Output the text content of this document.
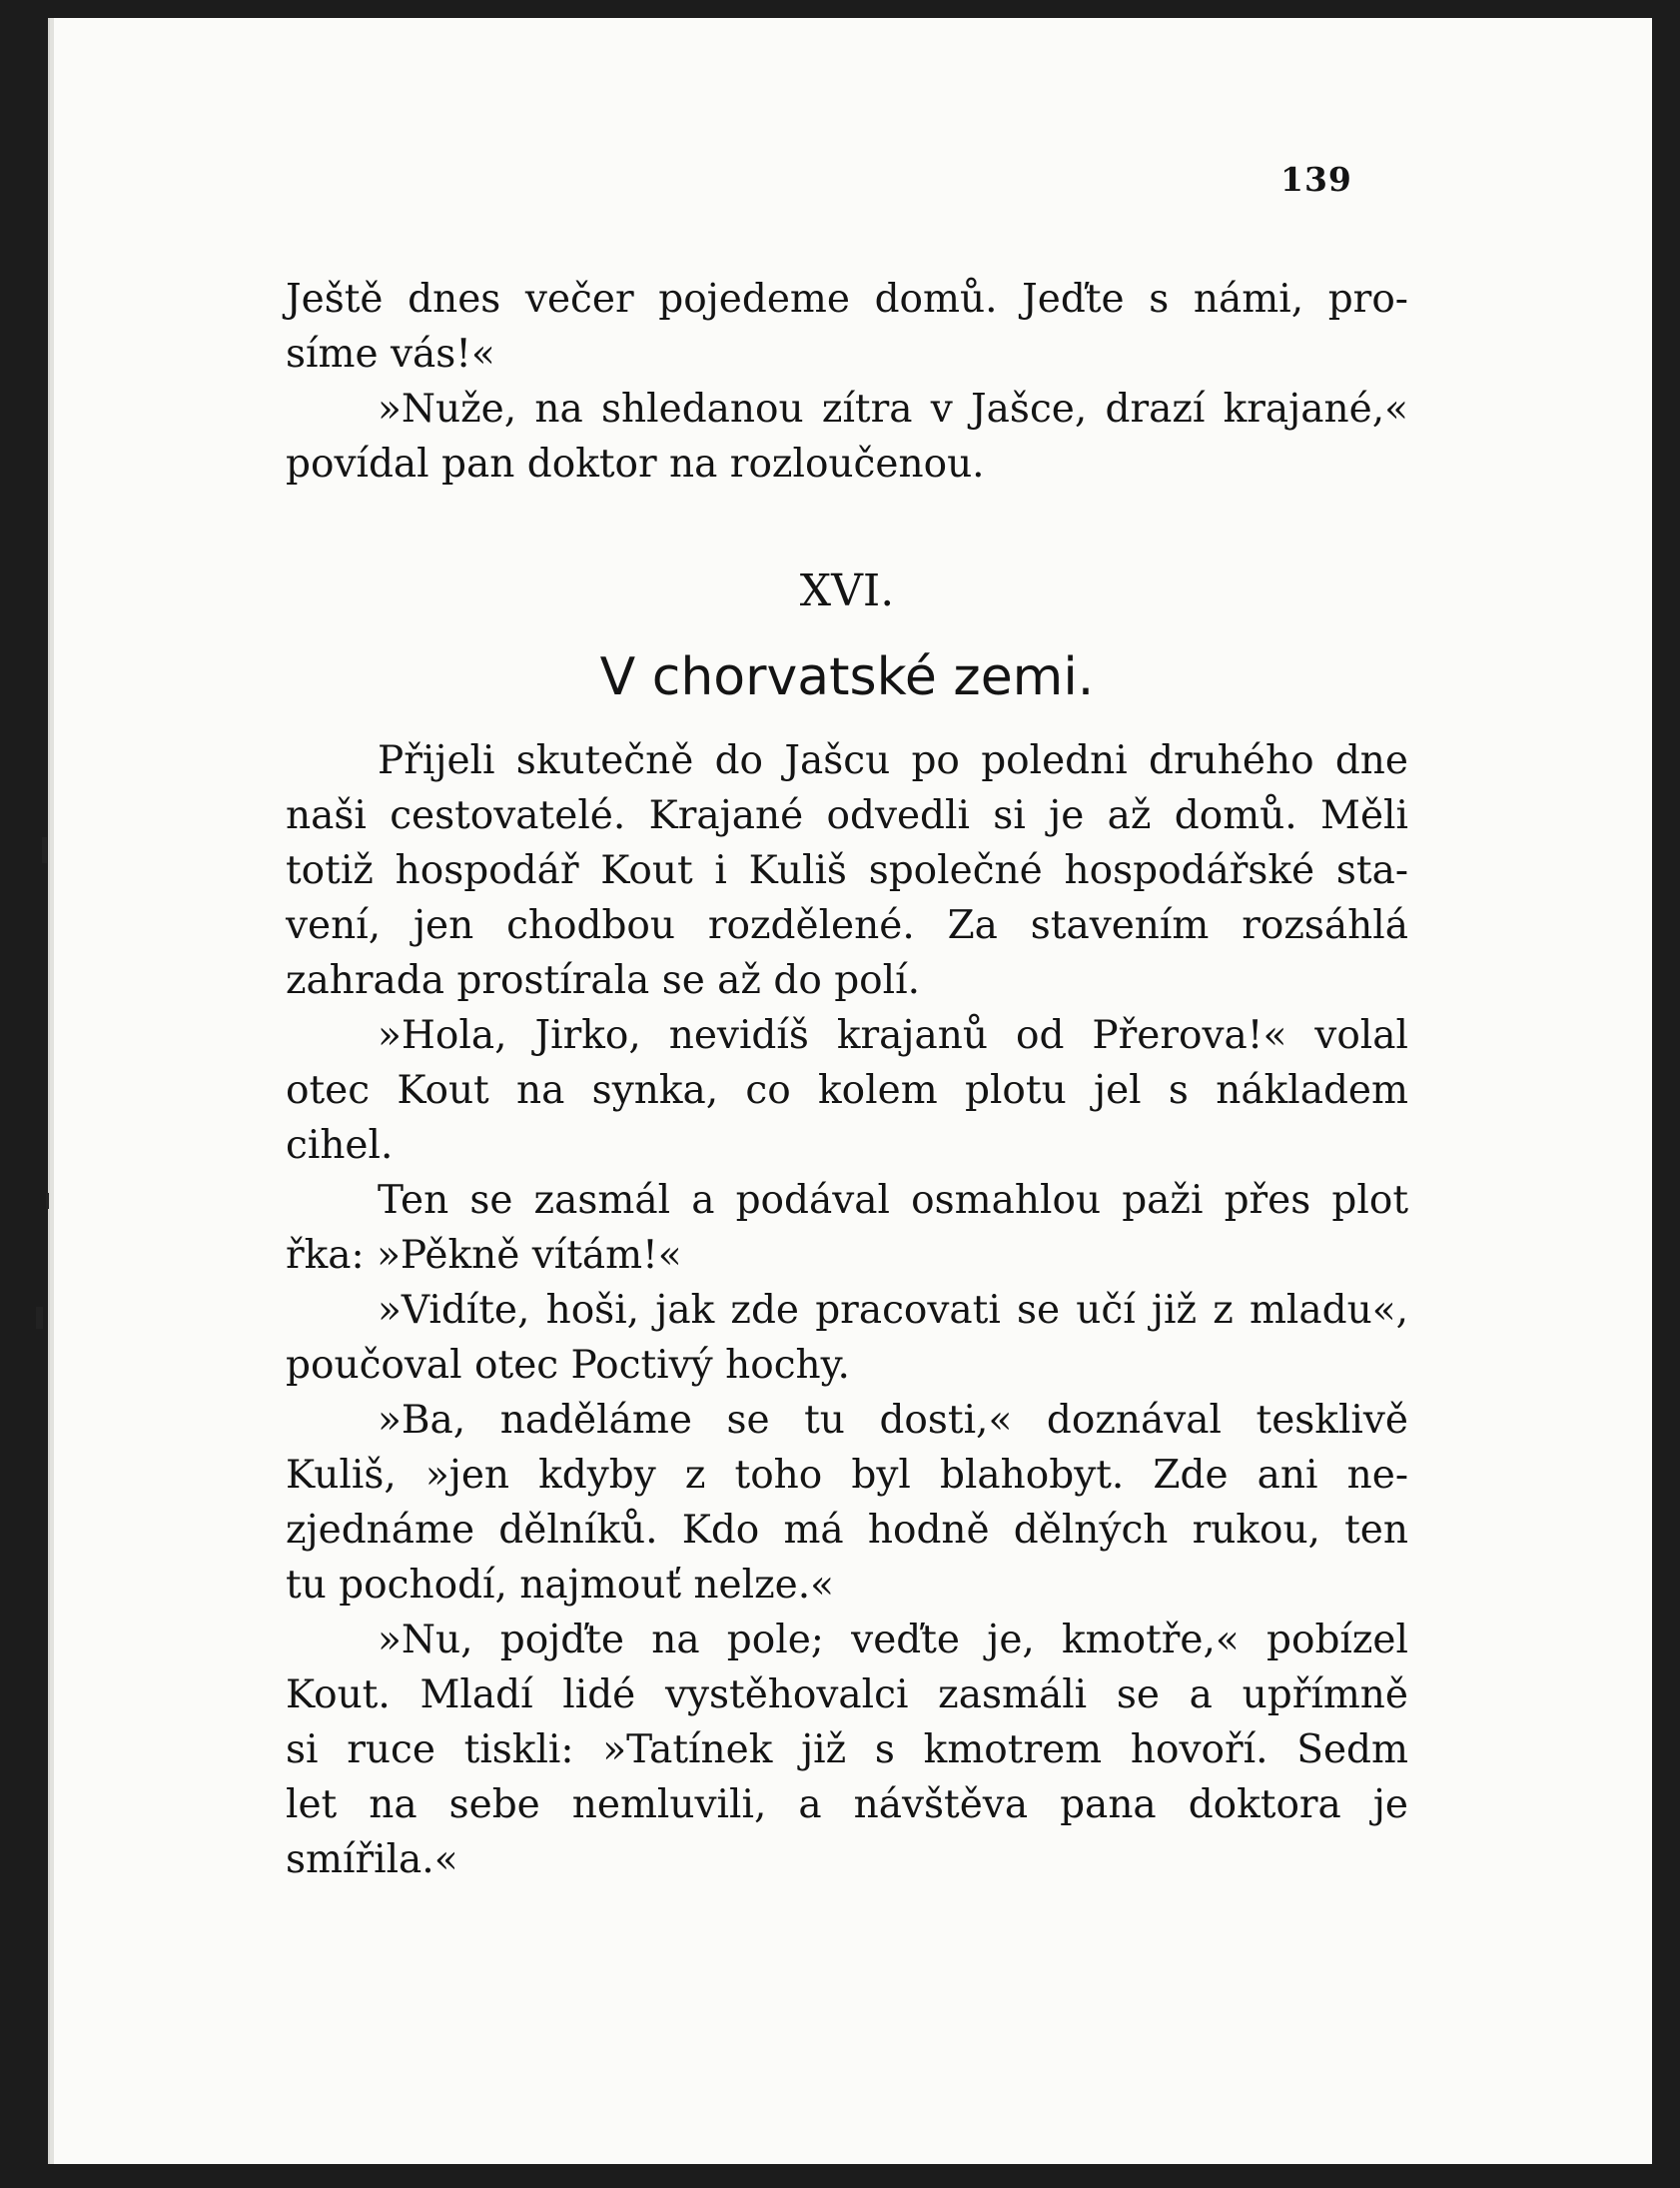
139
Ještě dnes večer pojedeme domů. Jeďte s námi, pro-
síme vás!«
»Nuže, na shledanou zítra v Jašce, drazí krajané,«
povídal pan doktor na rozloučenou.
XVI.
V chorvatské zemi.
Přijeli skutečně do Jašcu po poledni druhého dne
naši cestovatelé. Krajané odvedli si je až domů. Měli
totiž hospodář Kout i Kuliš společné hospodářské sta-
vení, jen chodbou rozdělené. Za stavením rozsáhlá
zahrada prostírala se až do polí.
»Hola, Jirko, nevidíš krajanů od Přerova!« volal
otec Kout na synka, co kolem plotu jel s nákladem
cihel.
Ten se zasmál a podával osmahlou paži přes plot
řka: »Pěkně vítám!«
»Vidíte, hoši, jak zde pracovati se učí již z mladu«,
poučoval otec Poctivý hochy.
»Ba, naděláme se tu dosti,« doznával tesklivě
Kuliš, »jen kdyby z toho byl blahobyt. Zde ani ne-
zjednáme dělníků. Kdo má hodně dělných rukou, ten
tu pochodí, najmouť nelze.«
»Nu, pojďte na pole; veďte je, kmotře,« pobízel
Kout. Mladí lidé vystěhovalci zasmáli se a upřímně
si ruce tiskli: »Tatínek již s kmotrem hovoří. Sedm
let na sebe nemluvili, a návštěva pana doktora je
smířila.«
